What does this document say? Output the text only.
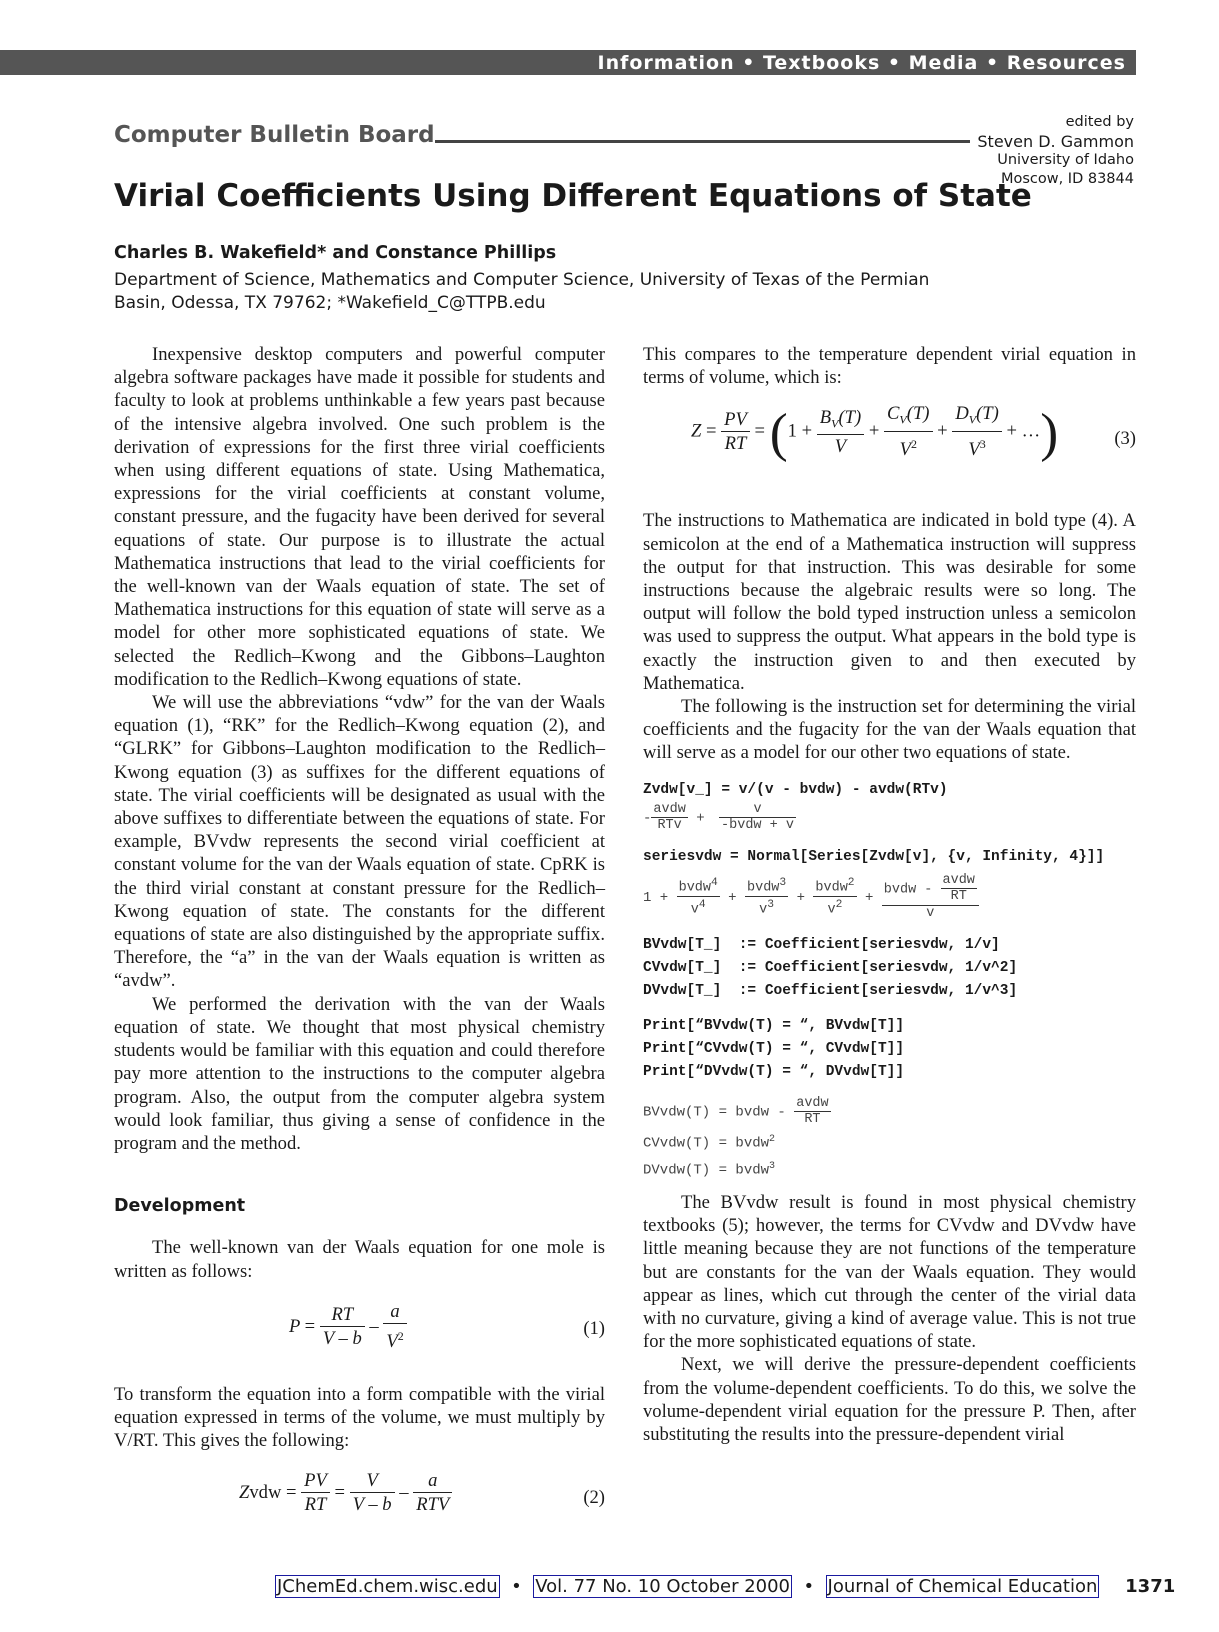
Information • Textbooks • Media • Resources
Computer Bulletin Board	edited by
Steven D. Gammon
University of Idaho
Moscow, ID 83844
Virial Coefficients Using Different Equations of State
Charles B. Wakefield* and Constance Phillips
Department of Science, Mathematics and Computer Science, University of Texas of the Permian Basin, Odessa, TX 79762; *Wakefield_C@TTPB.edu

Inexpensive desktop computers and powerful computer algebra software packages have made it possible for students and faculty to look at problems unthinkable a few years past because of the intensive algebra involved. One such problem is the derivation of expressions for the first three virial coefficients when using different equations of state. Using Mathematica, expressions for the virial coefficients at constant volume, constant pressure, and the fugacity have been derived for several equations of state. Our purpose is to illustrate the actual Mathematica instructions that lead to the virial coefficients for the well-known van der Waals equation of state. The set of Mathematica instructions for this equation of state will serve as a model for other more sophisticated equations of state. We selected the Redlich–Kwong and the Gibbons–Laughton modification to the Redlich–Kwong equations of state.

We will use the abbreviations “vdw” for the van der Waals equation (1), “RK” for the Redlich–Kwong equation (2), and “GLRK” for Gibbons–Laughton modification to the Redlich–Kwong equation (3) as suffixes for the different equations of state. The virial coefficients will be designated as usual with the above suffixes to differentiate between the equations of state. For example, BVvdw represents the second virial coefficient at constant volume for the van der Waals equation of state. CpRK is the third virial constant at constant pressure for the Redlich–Kwong equation of state. The constants for the different equations of state are also distinguished by the appropriate suffix. Therefore, the “a” in the van der Waals equation is written as “avdw”.

We performed the derivation with the van der Waals equation of state. We thought that most physical chemistry students would be familiar with this equation and could therefore pay more attention to the instructions to the computer algebra program. Also, the output from the computer algebra system would look familiar, thus giving a sense of confidence in the program and the method.

Development

The well-known van der Waals equation for one mole is written as follows:

$P = \frac{RT}{V - b} - \frac{a}{V^2}$	(1)

To transform the equation into a form compatible with the virial equation expressed in terms of the volume, we must multiply by V/RT. This gives the following:

Zvdw = $\frac{PV}{RT} = \frac{V}{V - b} - \frac{a}{\text{RTV}}$	(2)

This compares to the temperature dependent virial equation in terms of volume, which is:

$Z = \frac{PV}{RT} = (1 + \frac{B_V(T)}{V} + \frac{C_V(T)}{V^2} + \frac{D_V(T)}{V^3}$ + …)	(3)

The instructions to Mathematica are indicated in bold type (4). A semicolon at the end of a Mathematica instruction will suppress the output for that instruction. This was desirable for some instructions because the algebraic results were so long. The output will follow the bold typed instruction unless a semicolon was used to suppress the output. What appears in the bold type is exactly the instruction given to and then executed by Mathematica.

The following is the instruction set for determining the virial coefficients and the fugacity for the van der Waals equation that will serve as a model for our other two equations of state.

Zvdw[v_] = v/(v - bvdw) - avdw(RTv)
-
avdw
RTv +
v
-bvdw + v
seriesvdw = Normal[Series[Zvdw[v], {v, Infinity, 4}]]
1 +
bvdw$^4$
$v^4$	+
bvdw$^3$
$v^3$	+
bvdw$^2$
$v^2$	+
bvdw -
avdw
RT
v
BVvdw[T_]  := Coefficient[seriesvdw, 1/v]
CVvdw[T_]  := Coefficient[seriesvdw, 1/v^2]
DVvdw[T_]  := Coefficient[seriesvdw, 1/v^3]
Print[“BVvdw(T) = “, BVvdw[T]]
Print[“CVvdw(T) = “, CVvdw[T]]
Print[“DVvdw(T) = “, DVvdw[T]]
BVvdw(T) = bvdw -
avdw
RT
CVvdw(T) = bvdw$^2$
DVvdw(T) = bvdw$^3$

The BVvdw result is found in most physical chemistry textbooks (5); however, the terms for CVvdw and DVvdw have little meaning because they are not functions of the temperature but are constants for the van der Waals equation. They would appear as lines, which cut through the center of the virial data with no curvature, giving a kind of average value. This is not true for the more sophisticated equations of state.

Next, we will derive the pressure-dependent coefficients from the volume-dependent coefficients. To do this, we solve the volume-dependent virial equation for the pressure P. Then, after substituting the results into the pressure-dependent virial

JChemEd.chem.wisc.edu  •  Vol. 77 No. 10 October 2000  •  Journal of Chemical Education 1371
